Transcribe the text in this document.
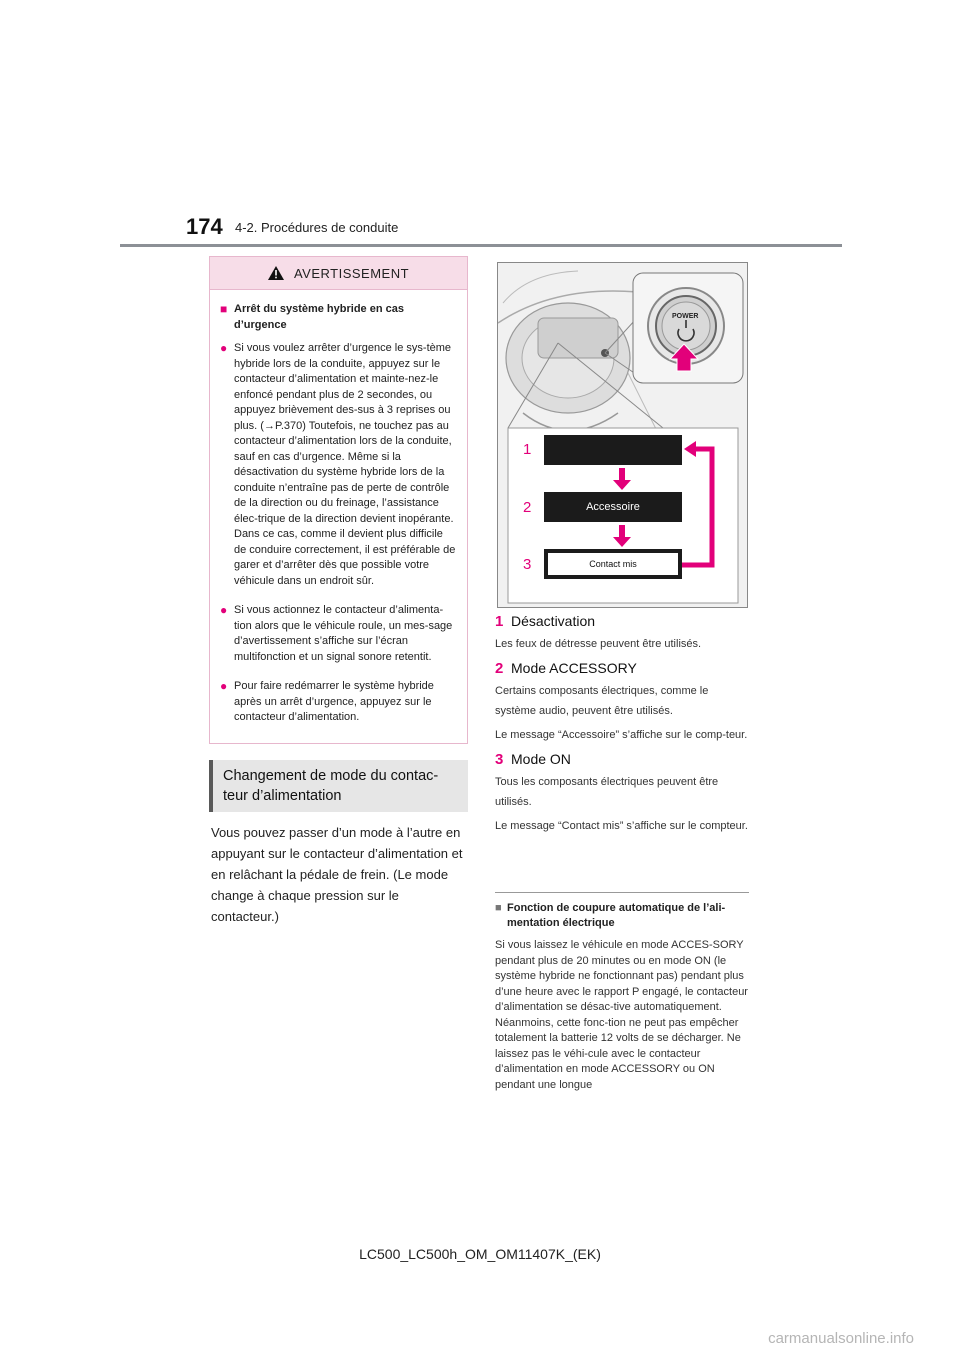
174 4-2. Procédures de conduite
AVERTISSEMENT
■ Arrêt du système hybride en cas d’urgence
● Si vous voulez arrêter d’urgence le sys-tème hybride lors de la conduite, appuyez sur le contacteur d’alimentation et mainte-nez-le enfoncé pendant plus de 2 secondes, ou appuyez brièvement des-sus à 3 reprises ou plus. (→P.370) Toutefois, ne touchez pas au contacteur d’alimentation lors de la conduite, sauf en cas d’urgence. Même si la désactivation du système hybride lors de la conduite n’entraîne pas de perte de contrôle de la direction ou du freinage, l’assistance élec-trique de la direction devient inopérante. Dans ce cas, comme il devient plus difficile de conduire correctement, il est préférable de garer et d’arrêter dès que possible votre véhicule dans un endroit sûr.
● Si vous actionnez le contacteur d’alimenta-tion alors que le véhicule roule, un mes-sage d’avertissement s’affiche sur l’écran multifonction et un signal sonore retentit.
● Pour faire redémarrer le système hybride après un arrêt d’urgence, appuyez sur le contacteur d’alimentation.
Changement de mode du contac-teur d’alimentation
Vous pouvez passer d’un mode à l’autre en appuyant sur le contacteur d’alimentation et en relâchant la pédale de frein. (Le mode change à chaque pression sur le contacteur.)
POWER
1
2	Accessoire
3	Contact mis
1 Désactivation
Les feux de détresse peuvent être utilisés.
2 Mode ACCESSORY
Certains composants électriques, comme le système audio, peuvent être utilisés.
Le message “Accessoire” s’affiche sur le comp-teur.
3 Mode ON
Tous les composants électriques peuvent être utilisés.
Le message “Contact mis” s’affiche sur le compteur.
■ Fonction de coupure automatique de l’ali-mentation électrique
Si vous laissez le véhicule en mode ACCES-SORY pendant plus de 20 minutes ou en mode ON (le système hybride ne fonctionnant pas) pendant plus d’une heure avec le rapport P engagé, le contacteur d’alimentation se désac-tive automatiquement. Néanmoins, cette fonc-tion ne peut pas empêcher totalement la batterie 12 volts de se décharger. Ne laissez pas le véhi-cule avec le contacteur d’alimentation en mode ACCESSORY ou ON pendant une longue
LC500_LC500h_OM_OM11407K_(EK)
carmanualsonline.info
